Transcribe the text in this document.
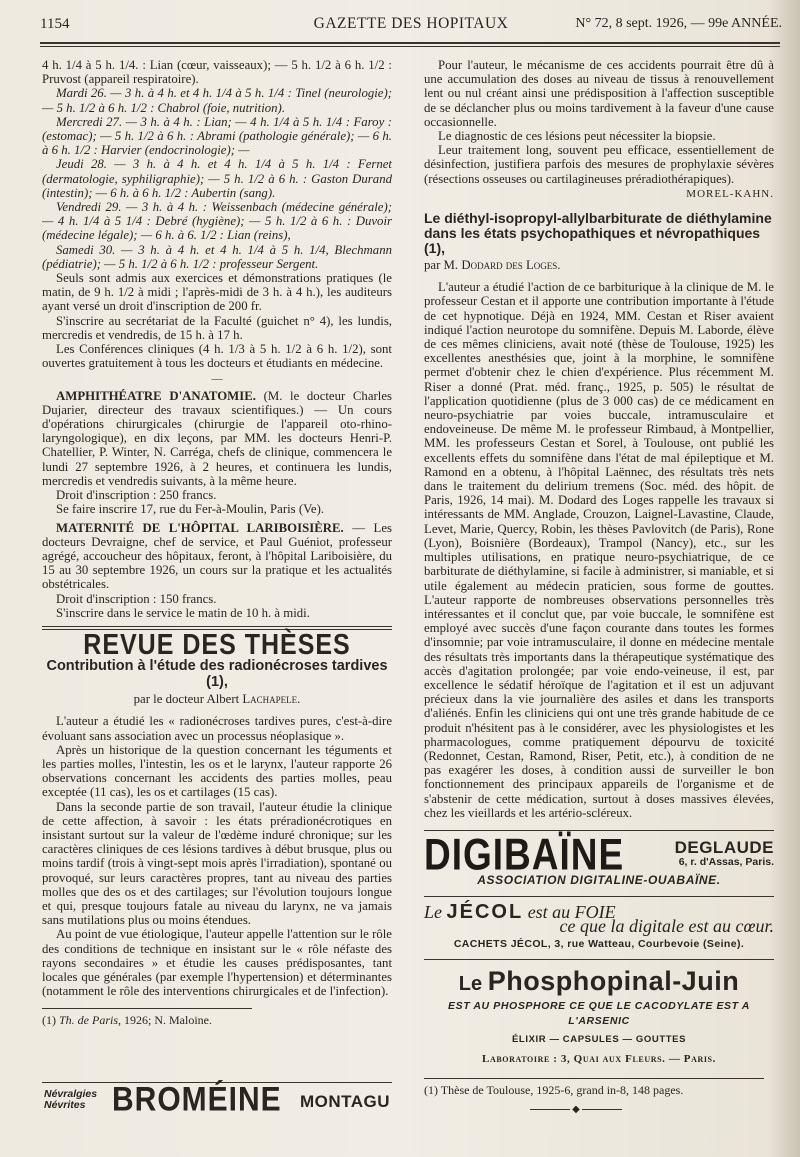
1154	GAZETTE DES HOPITAUX	N° 72, 8 sept. 1926, — 99e ANNÉE.

4 h. 1/4 à 5 h. 1/4. : Lian (cœur, vaisseaux); — 5 h. 1/2 à 6 h. 1/2 : Pruvost (appareil respiratoire).

Mardi 26. — 3 h. à 4 h. et 4 h. 1/4 à 5 h. 1/4 : Tinel (neurologie); — 5 h. 1/2 à 6 h. 1/2 : Chabrol (foie, nutrition).

Mercredi 27. — 3 h. à 4 h. : Lian; — 4 h. 1/4 à 5 h. 1/4 : Faroy : (estomac); — 5 h. 1/2 à 6 h. : Abrami (pathologie générale); — 6 h. à 6 h. 1/2 : Harvier (endocrinologie); —

Jeudi 28. — 3 h. à 4 h. et 4 h. 1/4 à 5 h. 1/4 : Fernet (dermatologie, syphiligraphie); — 5 h. 1/2 à 6 h. : Gaston Durand (intestin); — 6 h. à 6 h. 1/2 : Aubertin (sang).

Vendredi 29. — 3 h. à 4 h. : Weissenbach (médecine générale); — 4 h. 1/4 à 5 1/4 : Debré (hygiène); — 5 h. 1/2 à 6 h. : Duvoir (médecine légale); — 6 h. à 6. 1/2 : Lian (reins),

Samedi 30. — 3 h. à 4 h. et 4 h. 1/4 à 5 h. 1/4, Blechmann (pédiatrie); — 5 h. 1/2 à 6 h. 1/2 : professeur Sergent.

Seuls sont admis aux exercices et démonstrations pratiques (le matin, de 9 h. 1/2 à midi ; l'après-midi de 3 h. à 4 h.), les auditeurs ayant versé un droit d'inscription de 200 fr.

S'inscrire au secrétariat de la Faculté (guichet n° 4), les lundis, mercredis et vendredis, de 15 h. à 17 h.

Les Conférences cliniques (4 h. 1/3 à 5 h. 1/2 à 6 h. 1/2), sont ouvertes gratuitement à tous les docteurs et étudiants en médecine.

—

AMPHITHÉATRE D'ANATOMIE. (M. le docteur Charles Dujarier, directeur des travaux scientifiques.) — Un cours d'opérations chirurgicales (chirurgie de l'appareil oto-rhino-laryngologique), en dix leçons, par MM. les docteurs Henri-P. Chatellier, P. Winter, N. Carréga, chefs de clinique, commencera le lundi 27 septembre 1926, à 2 heures, et continuera les lundis, mercredis et vendredis suivants, à la même heure.

Droit d'inscription : 250 francs.

Se faire inscrire 17, rue du Fer-à-Moulin, Paris (Ve).

MATERNITÉ DE L'HÔPITAL LARIBOISIÈRE. — Les docteurs Devraigne, chef de service, et Paul Guéniot, professeur agrégé, accoucheur des hôpitaux, feront, à l'hôpital Lariboisière, du 15 au 30 septembre 1926, un cours sur la pratique et les actualités obstétricales.

Droit d'inscription : 150 francs.

S'inscrire dans le service le matin de 10 h. à midi.

REVUE DES THÈSES
Contribution à l'étude des radionécroses tardives (1),
par le docteur Albert Lachapele.

L'auteur a étudié les « radionécroses tardives pures, c'est-à-dire évoluant sans association avec un processus néoplasique ».

Après un historique de la question concernant les téguments et les parties molles, l'intestin, les os et le larynx, l'auteur rapporte 26 observations concernant les accidents des parties molles, peau exceptée (11 cas), les os et cartilages (15 cas).

Dans la seconde partie de son travail, l'auteur étudie la clinique de cette affection, à savoir : les états préradionécrotiques en insistant surtout sur la valeur de l'œdème induré chronique; sur les caractères cliniques de ces lésions tardives à début brusque, plus ou moins tardif (trois à vingt-sept mois après l'irradiation), spontané ou provoqué, sur leurs caractères propres, tant au niveau des parties molles que des os et des cartilages; sur l'évolution toujours longue et qui, presque toujours fatale au niveau du larynx, ne va jamais sans mutilations plus ou moins étendues.

Au point de vue étiologique, l'auteur appelle l'attention sur le rôle des conditions de technique en insistant sur le « rôle néfaste des rayons secondaires » et étudie les causes prédisposantes, tant locales que générales (par exemple l'hypertension) et déterminantes (notamment le rôle des interventions chirurgicales et de l'infection).

(1) Th. de Paris, 1926; N. Maloine.
Névralgies
Névrites BROMÉINE MONTAGU

Pour l'auteur, le mécanisme de ces accidents pourrait être dû à une accumulation des doses au niveau de tissus à renouvellement lent ou nul créant ainsi une prédisposition à l'affection susceptible de se déclancher plus ou moins tardivement à la faveur d'une cause occasionnelle.

Le diagnostic de ces lésions peut nécessiter la biopsie.

Leur traitement long, souvent peu efficace, essentiellement de désinfection, justifiera parfois des mesures de prophylaxie sévères (résections osseuses ou cartilagineuses préradiothérapiques).

MOREL-KAHN.
Le diéthyl-isopropyl-allylbarbiturate de diéthylamine dans les états psychopathiques et névropathiques (1),
par M. Dodard des Loges.

L'auteur a étudié l'action de ce barbiturique à la clinique de M. le professeur Cestan et il apporte une contribution importante à l'étude de cet hypnotique. Déjà en 1924, MM. Cestan et Riser avaient indiqué l'action neurotope du somnifène. Depuis M. Laborde, élève de ces mêmes cliniciens, avait noté (thèse de Toulouse, 1925) les excellentes anesthésies que, joint à la morphine, le somnifène permet d'obtenir chez le chien d'expérience. Plus récemment M. Riser a donné (Prat. méd. franç., 1925, p. 505) le résultat de l'application quotidienne (plus de 3 000 cas) de ce médicament en neuro-psychiatrie par voies buccale, intramusculaire et endoveineuse. De même M. le professeur Rimbaud, à Montpellier, MM. les professeurs Cestan et Sorel, à Toulouse, ont publié les excellents effets du somnifène dans l'état de mal épileptique et M. Ramond en a obtenu, à l'hôpital Laënnec, des résultats très nets dans le traitement du delirium tremens (Soc. méd. des hôpit. de Paris, 1926, 14 mai). M. Dodard des Loges rappelle les travaux si intéressants de MM. Anglade, Crouzon, Laignel-Lavastine, Claude, Levet, Marie, Quercy, Robin, les thèses Pavlovitch (de Paris), Rone (Lyon), Boisnière (Bordeaux), Trampol (Nancy), etc., sur les multiples utilisations, en pratique neuro-psychiatrique, de ce barbiturate de diéthylamine, si facile à administrer, si maniable, et si utile également au médecin praticien, sous forme de gouttes. L'auteur rapporte de nombreuses observations personnelles très intéressantes et il conclut que, par voie buccale, le somnifène est employé avec succès d'une façon courante dans toutes les formes d'insomnie; par voie intramusculaire, il donne en médecine mentale des résultats très importants dans la thérapeutique systématique des accès d'agitation prolongée; par voie endo-veineuse, il est, par excellence le sédatif héroïque de l'agitation et il est un adjuvant précieux dans la vie journalière des asiles et dans les transports d'aliénés. Enfin les cliniciens qui ont une très grande habitude de ce produit n'hésitent pas à le considérer, avec les physiologistes et les pharmacologues, comme pratiquement dépourvu de toxicité (Redonnet, Cestan, Ramond, Riser, Petit, etc.), à condition de ne pas exagérer les doses, à condition aussi de surveiller le bon fonctionnement des principaux appareils de l'organisme et de s'abstenir de cette médication, surtout à doses massives élevées, chez les vieillards et les artério-scléreux.

DIGIBAÏNE	DEGLAUDE
6, r. d'Assas, Paris.
ASSOCIATION DIGITALINE-OUABAÏNE.
Le JÉCOL est au FOIE
ce que la digitale est au cœur.
CACHETS JÉCOL, 3, rue Watteau, Courbevoie (Seine).
Le Phosphopinal-Juin
EST AU PHOSPHORE CE QUE LE CACODYLATE EST A L'ARSENIC
ÉLIXIR — CAPSULES — GOUTTES
Laboratoire : 3, Quai aux Fleurs. — Paris.
(1) Thèse de Toulouse, 1925-6, grand in-8, 148 pages.
◆
